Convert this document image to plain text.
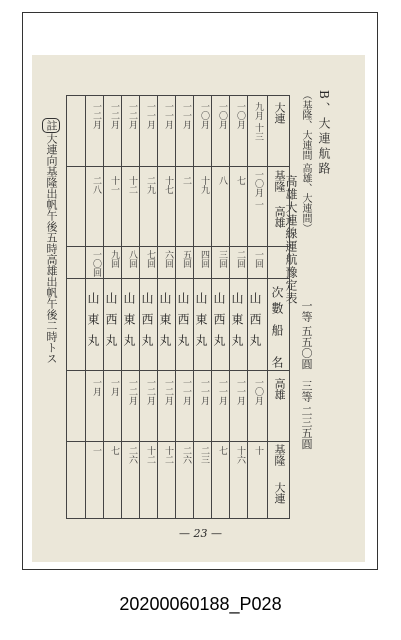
B、大連航路
（基隆、大連間 高雄、大連間）
一等 五五〇圓
三等 二三五圓
高雄大連線運航豫定表
大連
基隆
高雄
次數
船　名
高雄
基隆
大連
九月 十三
一〇月 一
一回
山西丸
一〇月
十
一〇月
七
二回
山東丸
一一月
十六
一〇月
八
三回
山西丸
一一月
七
一〇月
十九
四回
山東丸
一一月
二三
一一月
二
五回
山西丸
一一月
二六
一一月
十七
六回
山東丸
一二月
十二
一一月
二九
七回
山西丸
一二月
十二
一二月
十二
八回
山東丸
一二月
二六
一二月
十一
九回
山西丸
一月
七
一二月
二八
一〇回
山東丸
一月
一
註大連向基隆出帆午後五時高雄出帆午後二時トス
— 23 —
20200060188_P028
